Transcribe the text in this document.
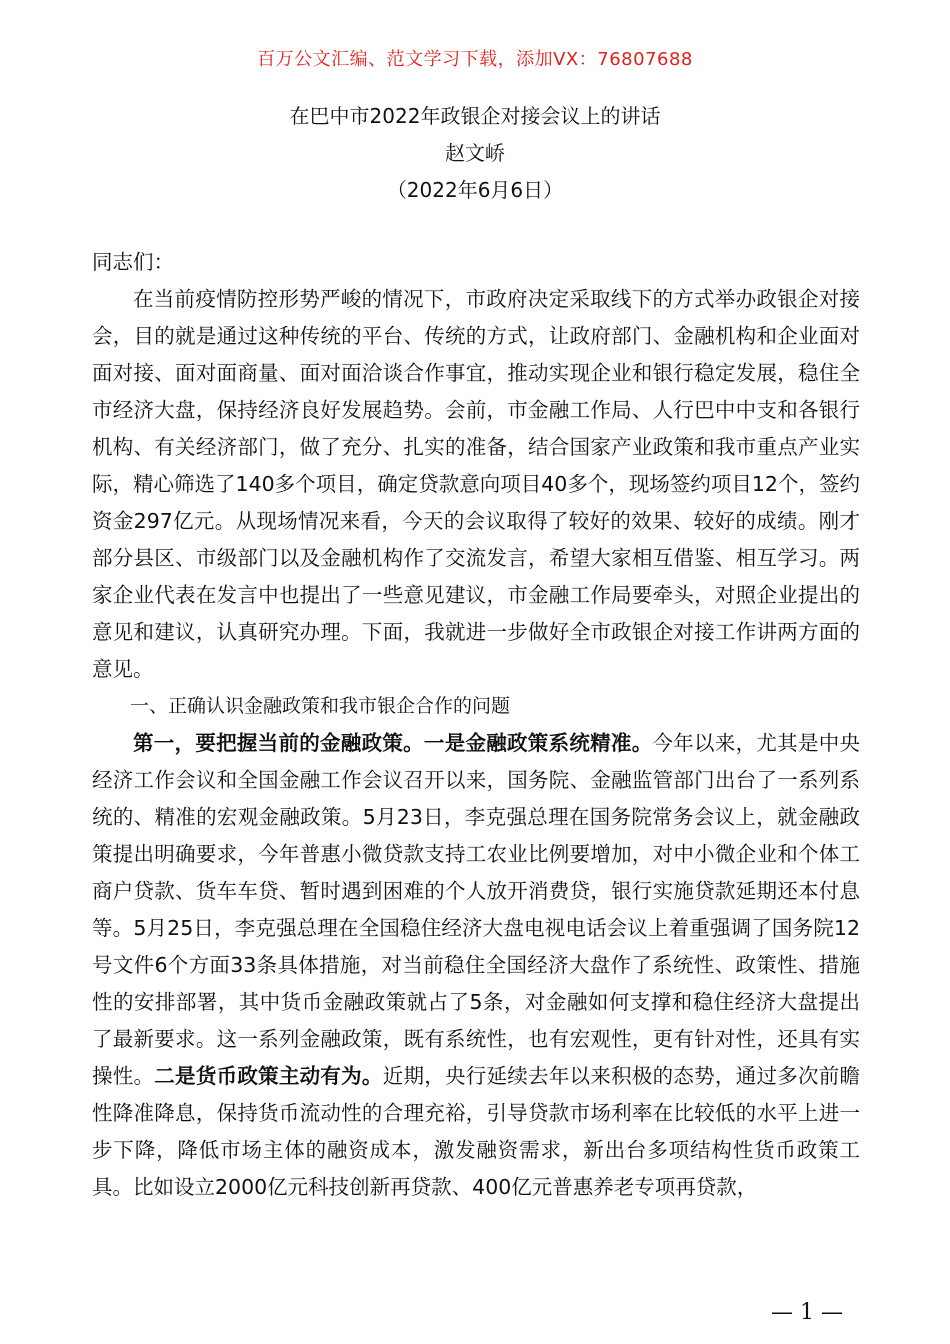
百万公文汇编、范文学习下载，添加VX：76807688
在巴中市2022年政银企对接会议上的讲话
赵文峤
（2022年6月6日）

同志们：

在当前疫情防控形势严峻的情况下，市政府决定采取线下的方式举办政银企对接会，目的就是通过这种传统的平台、传统的方式，让政府部门、金融机构和企业面对面对接、面对面商量、面对面洽谈合作事宜，推动实现企业和银行稳定发展，稳住全市经济大盘，保持经济良好发展趋势。会前，市金融工作局、人行巴中中支和各银行机构、有关经济部门，做了充分、扎实的准备，结合国家产业政策和我市重点产业实际，精心筛选了140多个项目，确定贷款意向项目40多个，现场签约项目12个，签约资金297亿元。从现场情况来看，今天的会议取得了较好的效果、较好的成绩。刚才部分县区、市级部门以及金融机构作了交流发言，希望大家相互借鉴、相互学习。两家企业代表在发言中也提出了一些意见建议，市金融工作局要牵头，对照企业提出的意见和建议，认真研究办理。下面，我就进一步做好全市政银企对接工作讲两方面的意见。

一、正确认识金融政策和我市银企合作的问题

第一，要把握当前的金融政策。一是金融政策系统精准。今年以来，尤其是中央经济工作会议和全国金融工作会议召开以来，国务院、金融监管部门出台了一系列系统的、精准的宏观金融政策。5月23日，李克强总理在国务院常务会议上，就金融政策提出明确要求，今年普惠小微贷款支持工农业比例要增加，对中小微企业和个体工商户贷款、货车车贷、暂时遇到困难的个人放开消费贷，银行实施贷款延期还本付息等。5月25日，李克强总理在全国稳住经济大盘电视电话会议上着重强调了国务院12号文件6个方面33条具体措施，对当前稳住全国经济大盘作了系统性、政策性、措施性的安排部署，其中货币金融政策就占了5条，对金融如何支撑和稳住经济大盘提出了最新要求。这一系列金融政策，既有系统性，也有宏观性，更有针对性，还具有实操性。二是货币政策主动有为。近期，央行延续去年以来积极的态势，通过多次前瞻性降准降息，保持货币流动性的合理充裕，引导贷款市场利率在比较低的水平上进一步下降，降低市场主体的融资成本，激发融资需求，新出台多项结构性货币政策工具。比如设立2000亿元科技创新再贷款、400亿元普惠养老专项再贷款，

— 1 —
